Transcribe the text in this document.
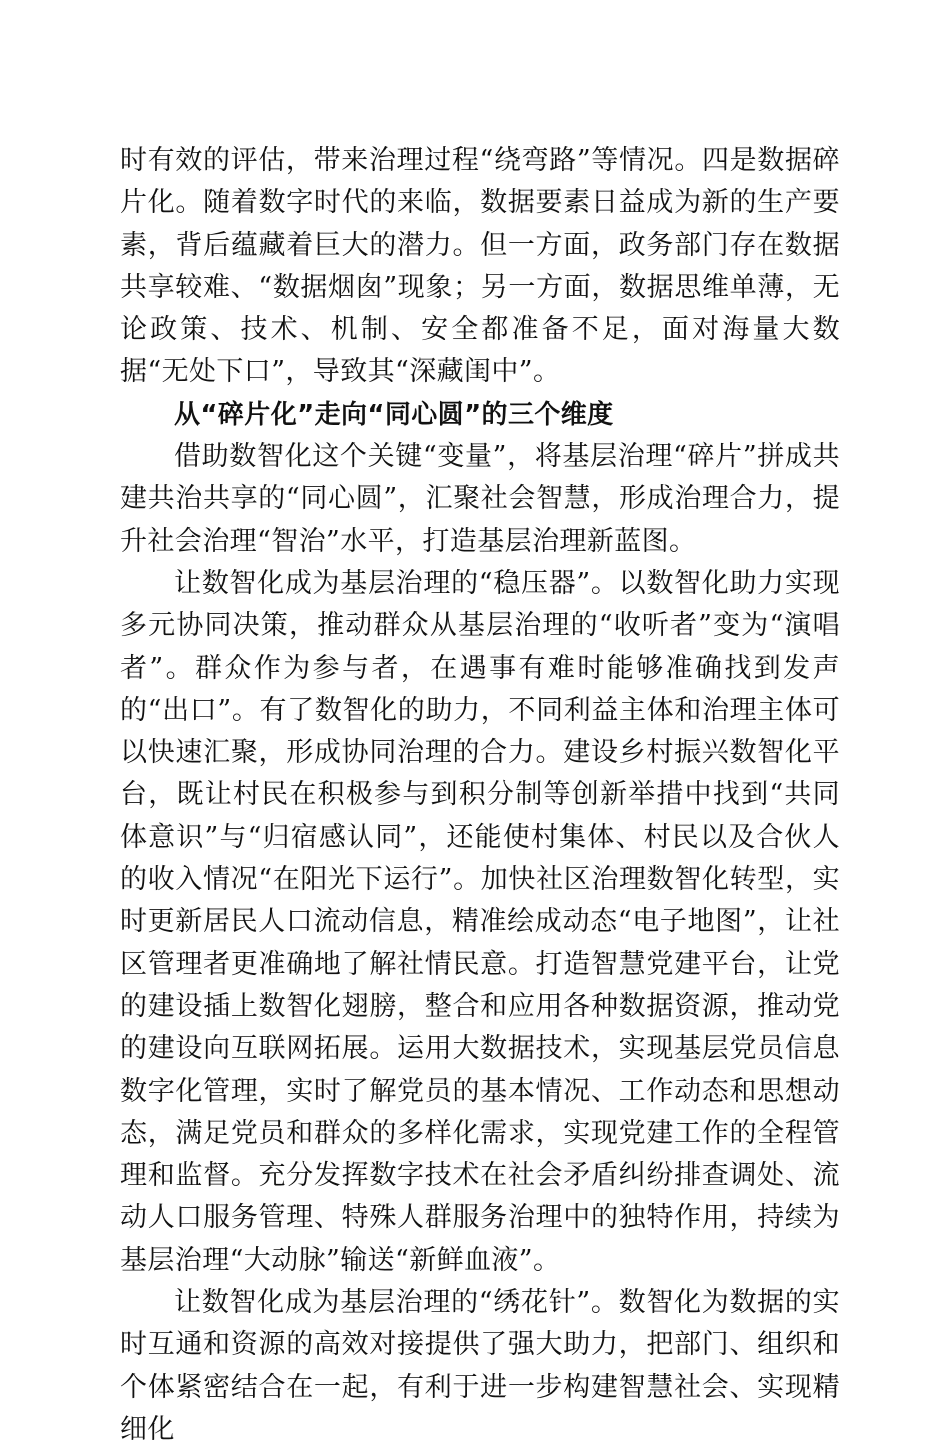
时有效的评估，带来治理过程“绕弯路”等情况。四是数据碎片化。随着数字时代的来临，数据要素日益成为新的生产要素，背后蕴藏着巨大的潜力。但一方面，政务部门存在数据共享较难、“数据烟囱”现象；另一方面，数据思维单薄，无论政策、技术、机制、安全都准备不足，面对海量大数据“无处下口”，导致其“深藏闺中”。

从“碎片化”走向“同心圆”的三个维度

借助数智化这个关键“变量”，将基层治理“碎片”拼成共建共治共享的“同心圆”，汇聚社会智慧，形成治理合力，提升社会治理“智治”水平，打造基层治理新蓝图。

让数智化成为基层治理的“稳压器”。以数智化助力实现多元协同决策，推动群众从基层治理的“收听者”变为“演唱者”。群众作为参与者，在遇事有难时能够准确找到发声的“出口”。有了数智化的助力，不同利益主体和治理主体可以快速汇聚，形成协同治理的合力。建设乡村振兴数智化平台，既让村民在积极参与到积分制等创新举措中找到“共同体意识”与“归宿感认同”，还能使村集体、村民以及合伙人的收入情况“在阳光下运行”。加快社区治理数智化转型，实时更新居民人口流动信息，精准绘成动态“电子地图”，让社区管理者更准确地了解社情民意。打造智慧党建平台，让党的建设插上数智化翅膀，整合和应用各种数据资源，推动党的建设向互联网拓展。运用大数据技术，实现基层党员信息数字化管理，实时了解党员的基本情况、工作动态和思想动态，满足党员和群众的多样化需求，实现党建工作的全程管理和监督。充分发挥数字技术在社会矛盾纠纷排查调处、流动人口服务管理、特殊人群服务治理中的独特作用，持续为基层治理“大动脉”输送“新鲜血液”。

让数智化成为基层治理的“绣花针”。数智化为数据的实时互通和资源的高效对接提供了强大助力，把部门、组织和个体紧密结合在一起，有利于进一步构建智慧社会、实现精细化
